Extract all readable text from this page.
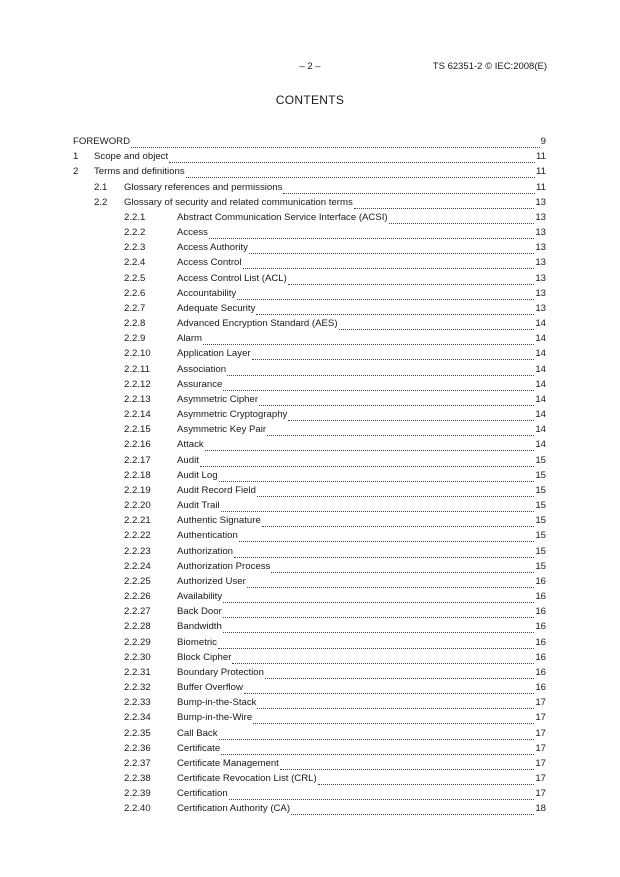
– 2 –	TS 62351-2 © IEC:2008(E)
CONTENTS
FOREWORD	9
1 Scope and object	11
2 Terms and definitions	11
2.1 Glossary references and permissions	11
2.2 Glossary of security and related communication terms	13
2.2.1	Abstract Communication Service Interface (ACSI)	13
2.2.2	Access	13
2.2.3	Access Authority	13
2.2.4	Access Control	13
2.2.5	Access Control List (ACL)	13
2.2.6	Accountability	13
2.2.7	Adequate Security	13
2.2.8	Advanced Encryption Standard (AES)	14
2.2.9	Alarm	14
2.2.10	Application Layer	14
2.2.11	Association	14
2.2.12	Assurance	14
2.2.13	Asymmetric Cipher	14
2.2.14	Asymmetric Cryptography	14
2.2.15	Asymmetric Key Pair	14
2.2.16	Attack	14
2.2.17	Audit	15
2.2.18	Audit Log	15
2.2.19	Audit Record Field	15
2.2.20	Audit Trail	15
2.2.21	Authentic Signature	15
2.2.22	Authentication	15
2.2.23	Authorization	15
2.2.24	Authorization Process	15
2.2.25	Authorized User	16
2.2.26	Availability	16
2.2.27	Back Door	16
2.2.28	Bandwidth	16
2.2.29	Biometric	16
2.2.30	Block Cipher	16
2.2.31	Boundary Protection	16
2.2.32	Buffer Overflow	16
2.2.33	Bump-in-the-Stack	17
2.2.34	Bump-in-the-Wire	17
2.2.35	Call Back	17
2.2.36	Certificate	17
2.2.37	Certificate Management	17
2.2.38	Certificate Revocation List (CRL)	17
2.2.39	Certification	17
2.2.40	Certification Authority (CA)	18
